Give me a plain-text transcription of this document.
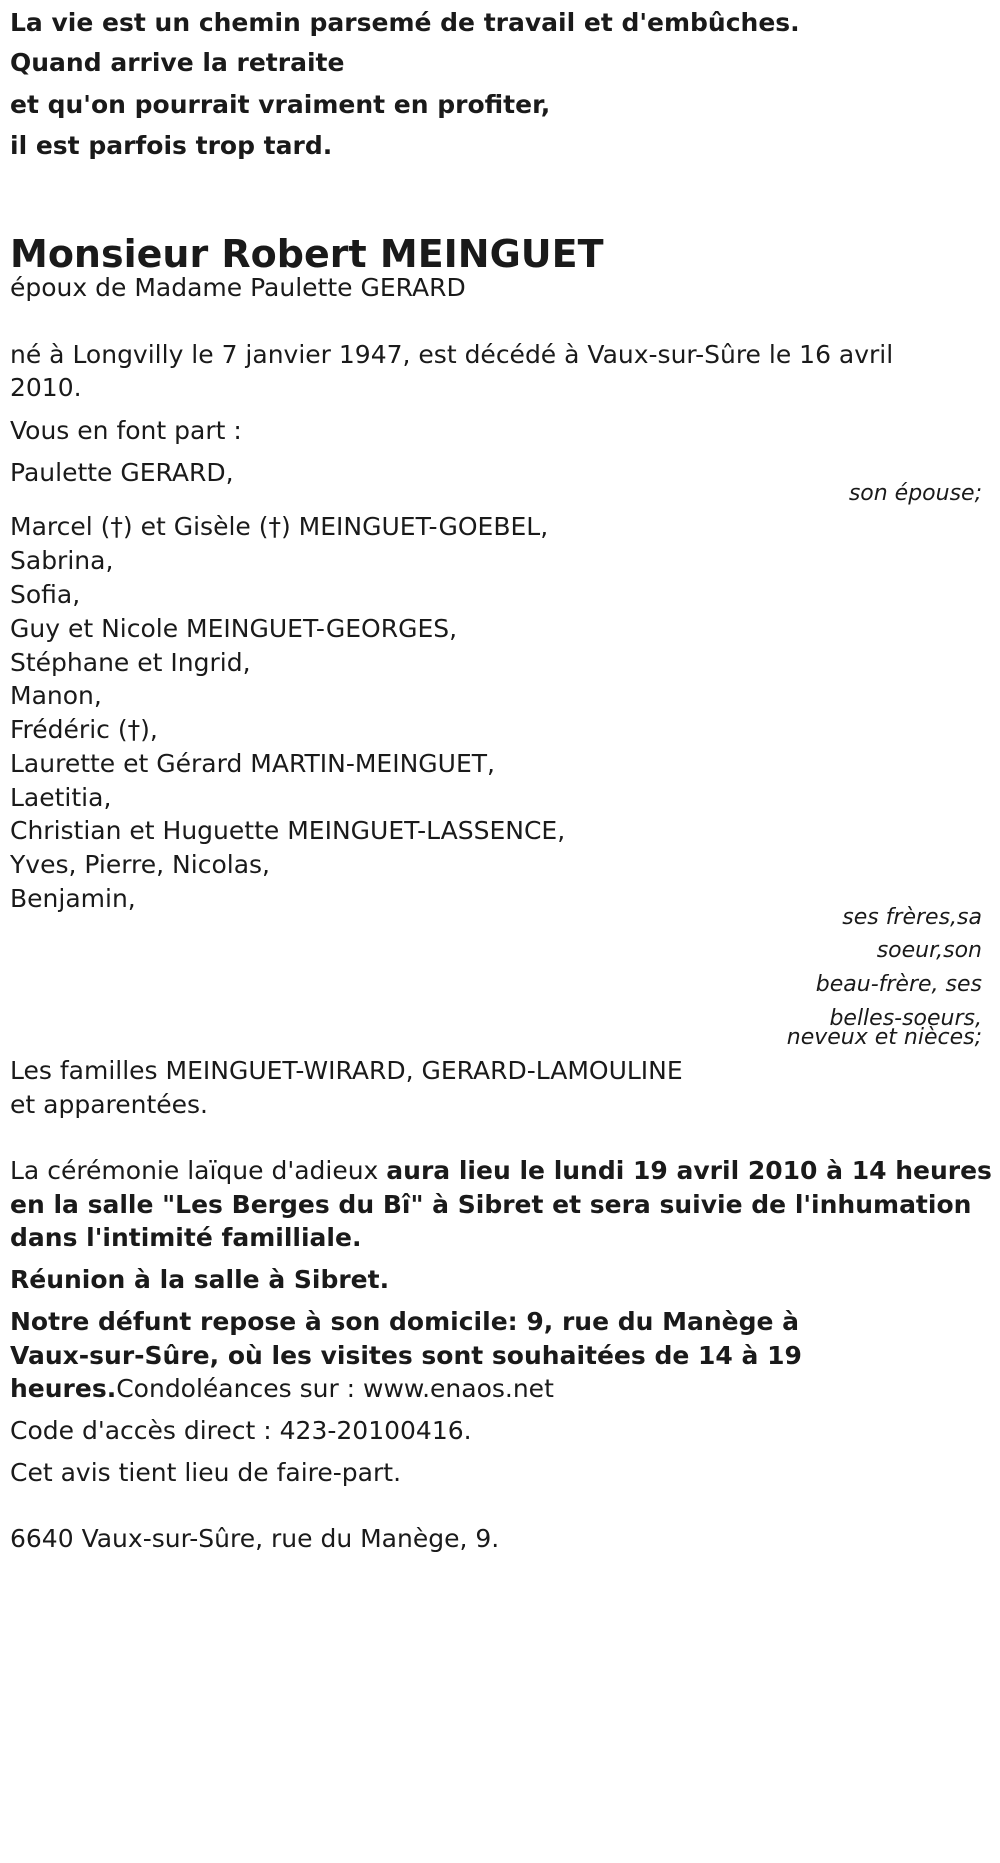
La vie est un chemin parsemé de travail et d'embûches.
Quand arrive la retraite
et qu'on pourrait vraiment en profiter,
il est parfois trop tard.
Monsieur Robert MEINGUET
époux de Madame Paulette GERARD
né à Longvilly le 7 janvier 1947, est décédé à Vaux-sur-Sûre le 16 avril
2010.
Vous en font part :
Paulette GERARD,
son épouse;
Marcel (†) et Gisèle (†) MEINGUET-GOEBEL,
Sabrina,
Sofia,
Guy et Nicole MEINGUET-GEORGES,
Stéphane et Ingrid,
Manon,
Frédéric (†),
Laurette et Gérard MARTIN-MEINGUET,
Laetitia,
Christian et Huguette MEINGUET-LASSENCE,
Yves, Pierre, Nicolas,
Benjamin,
ses frères,sa
soeur,son
beau-frère, ses
belles-soeurs,
neveux et nièces;
Les familles MEINGUET-WIRARD, GERARD-LAMOULINE
et apparentées.
La cérémonie laïque d'adieux aura lieu le lundi 19 avril 2010 à 14 heures
en la salle "Les Berges du Bî" à Sibret et sera suivie de l'inhumation
dans l'intimité familliale.
Réunion à la salle à Sibret.
Notre défunt repose à son domicile: 9, rue du Manège à
Vaux-sur-Sûre, où les visites sont souhaitées de 14 à 19
heures.Condoléances sur : www.enaos.net
Code d'accès direct : 423-20100416.
Cet avis tient lieu de faire-part.
6640 Vaux-sur-Sûre, rue du Manège, 9.
